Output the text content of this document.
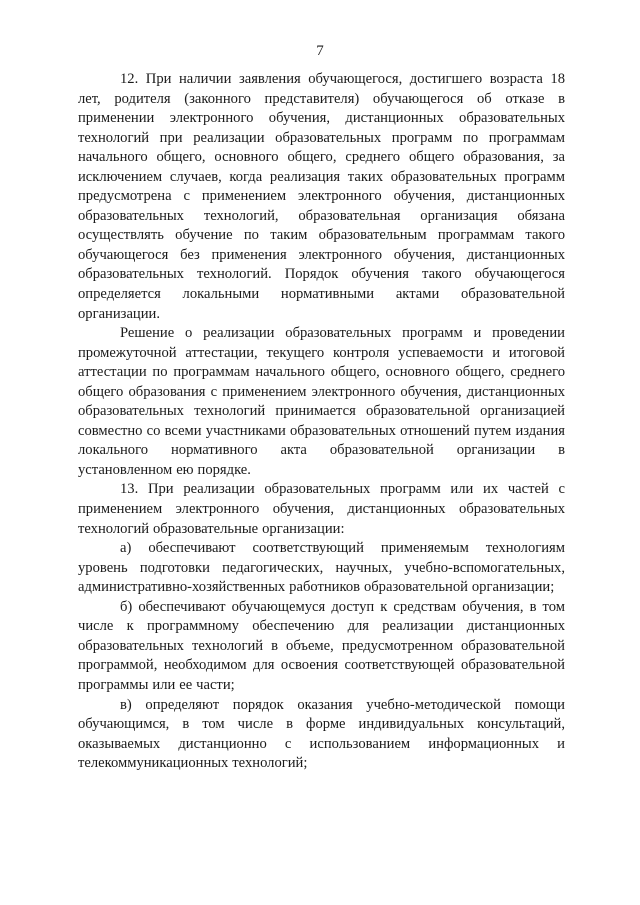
7

12. При наличии заявления обучающегося, достигшего возраста 18 лет, родителя (законного представителя) обучающегося об отказе в применении электронного обучения, дистанционных образовательных технологий при реализации образовательных программ по программам начального общего, основного общего, среднего общего образования, за исключением случаев, когда реализация таких образовательных программ предусмотрена с применением электронного обучения, дистанционных образовательных технологий, образовательная организация обязана осуществлять обучение по таким образовательным программам такого обучающегося без применения электронного обучения, дистанционных образовательных технологий. Порядок обучения такого обучающегося определяется локальными нормативными актами образовательной организации.

Решение о реализации образовательных программ и проведении промежуточной аттестации, текущего контроля успеваемости и итоговой аттестации по программам начального общего, основного общего, среднего общего образования с применением электронного обучения, дистанционных образовательных технологий принимается образовательной организацией совместно со всеми участниками образовательных отношений путем издания локального нормативного акта образовательной организации в установленном ею порядке.

13. При реализации образовательных программ или их частей с применением электронного обучения, дистанционных образовательных технологий образовательные организации:

а) обеспечивают соответствующий применяемым технологиям уровень подготовки педагогических, научных, учебно-вспомогательных, административно-хозяйственных работников образовательной организации;

б) обеспечивают обучающемуся доступ к средствам обучения, в том числе к программному обеспечению для реализации дистанционных образовательных технологий в объеме, предусмотренном образовательной программой, необходимом для освоения соответствующей образовательной программы или ее части;

в) определяют порядок оказания учебно-методической помощи обучающимся, в том числе в форме индивидуальных консультаций, оказываемых дистанционно с использованием информационных и телекоммуникационных технологий;
